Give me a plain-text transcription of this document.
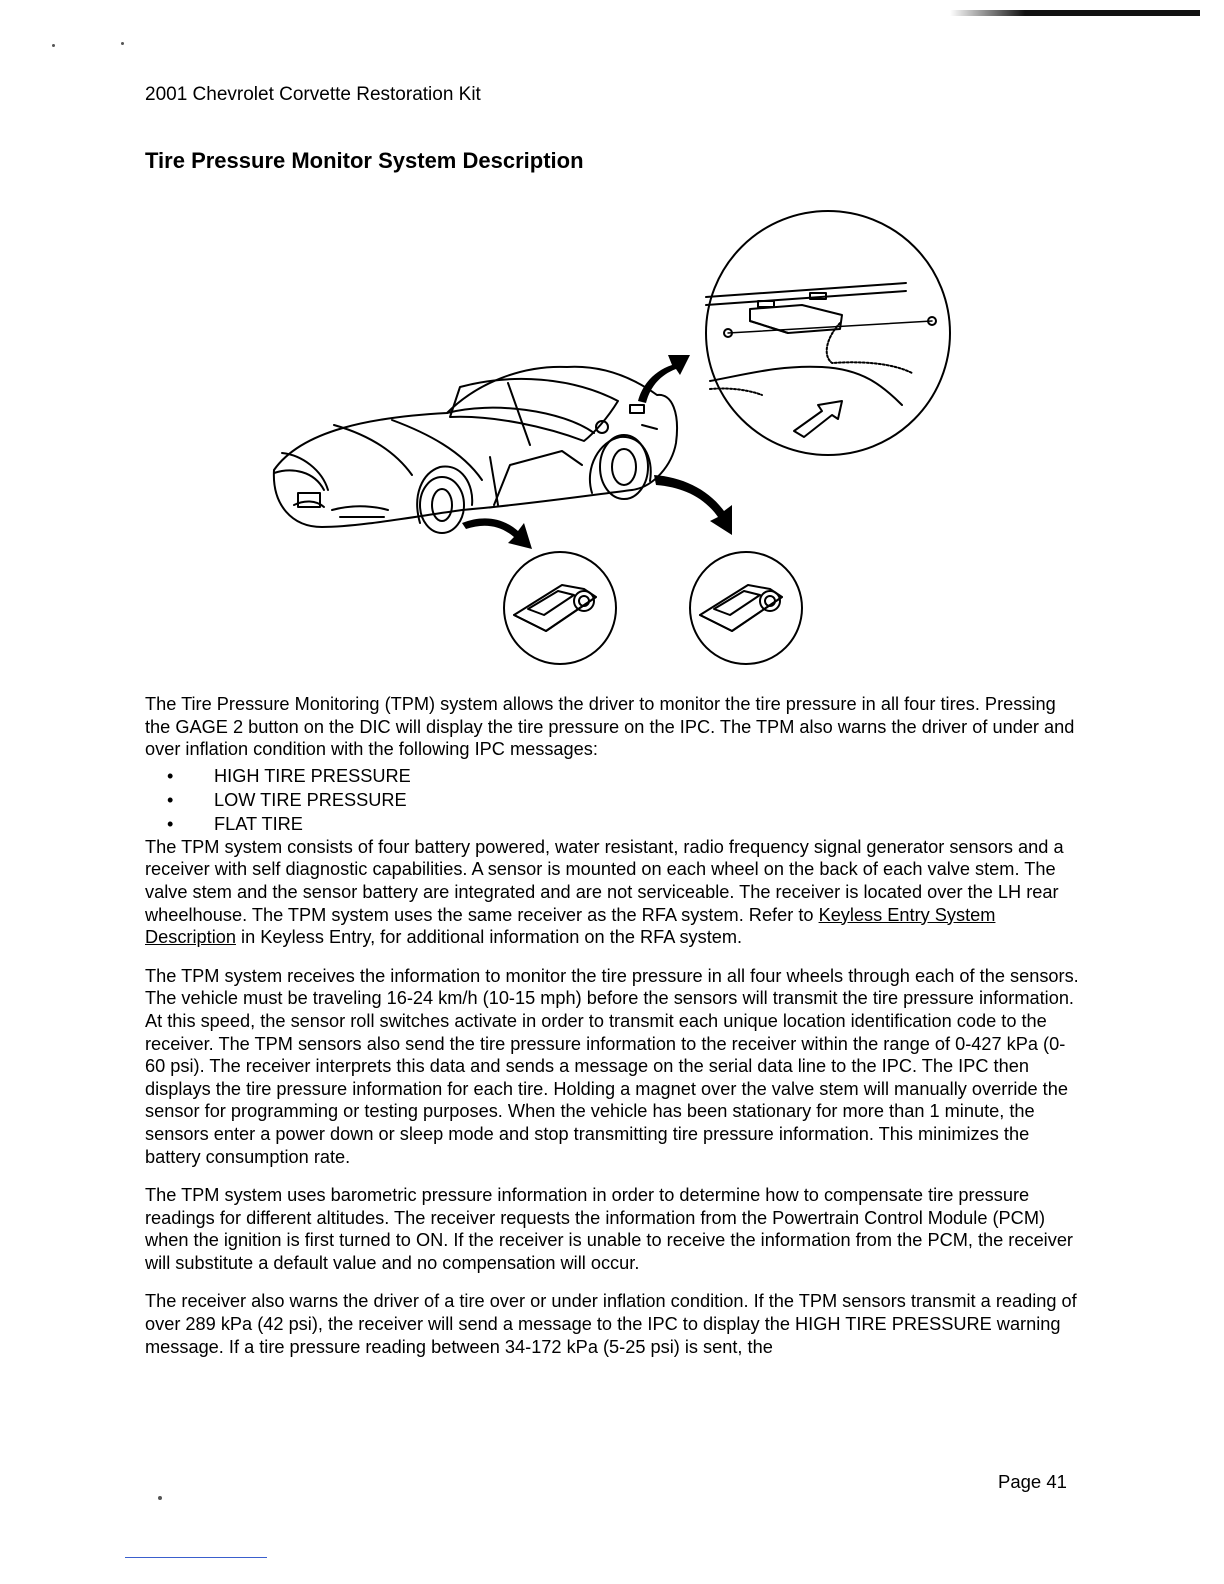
2001 Chevrolet Corvette Restoration Kit
Tire Pressure Monitor System Description

The Tire Pressure Monitoring (TPM) system allows the driver to monitor the tire pressure in all four tires. Pressing the GAGE 2 button on the DIC will display the tire pressure on the IPC. The TPM also warns the driver of under and over inflation condition with the following IPC messages:

• HIGH TIRE PRESSURE
• LOW TIRE PRESSURE
• FLAT TIRE

The TPM system consists of four battery powered, water resistant, radio frequency signal generator sensors and a receiver with self diagnostic capabilities. A sensor is mounted on each wheel on the back of each valve stem. The valve stem and the sensor battery are integrated and are not serviceable. The receiver is located over the LH rear wheelhouse. The TPM system uses the same receiver as the RFA system. Refer to Keyless Entry System Description in Keyless Entry, for additional information on the RFA system.

The TPM system receives the information to monitor the tire pressure in all four wheels through each of the sensors. The vehicle must be traveling 16-24 km/h (10-15 mph) before the sensors will transmit the tire pressure information. At this speed, the sensor roll switches activate in order to transmit each unique location identification code to the receiver. The TPM sensors also send the tire pressure information to the receiver within the range of 0-427 kPa (0-60 psi). The receiver interprets this data and sends a message on the serial data line to the IPC. The IPC then displays the tire pressure information for each tire. Holding a magnet over the valve stem will manually override the sensor for programming or testing purposes. When the vehicle has been stationary for more than 1 minute, the sensors enter a power down or sleep mode and stop transmitting tire pressure information. This minimizes the battery consumption rate.

The TPM system uses barometric pressure information in order to determine how to compensate tire pressure readings for different altitudes. The receiver requests the information from the Powertrain Control Module (PCM) when the ignition is first turned to ON. If the receiver is unable to receive the information from the PCM, the receiver will substitute a default value and no compensation will occur.

The receiver also warns the driver of a tire over or under inflation condition. If the TPM sensors transmit a reading of over 289 kPa (42 psi), the receiver will send a message to the IPC to display the HIGH TIRE PRESSURE warning message. If a tire pressure reading between 34-172 kPa (5-25 psi) is sent, the

Page 41
